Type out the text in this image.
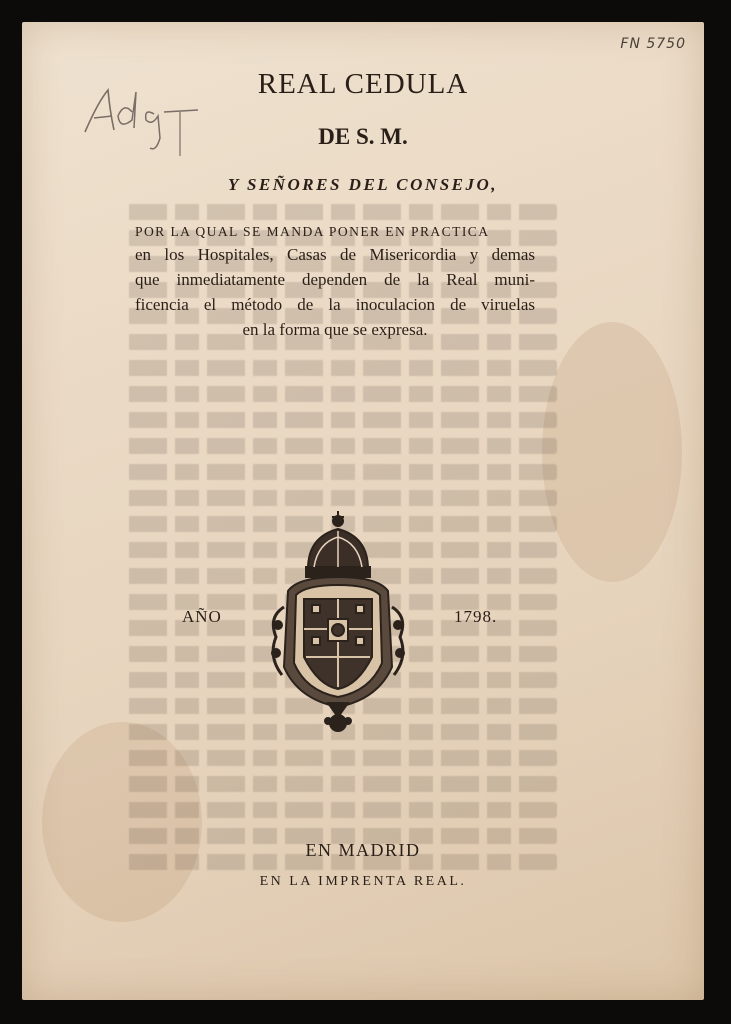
FN 5750
REAL CEDULA
DE S. M.
Y SEÑORES DEL CONSEJO,
POR LA QUAL SE MANDA PONER EN PRACTICA
en los Hospitales, Casas de Misericordia y demas
que inmediatamente dependen de la Real muni-
ficencia el método de la inoculacion de viruelas
en la forma que se expresa.
AÑO	1798.
EN MADRID
EN LA IMPRENTA REAL.
